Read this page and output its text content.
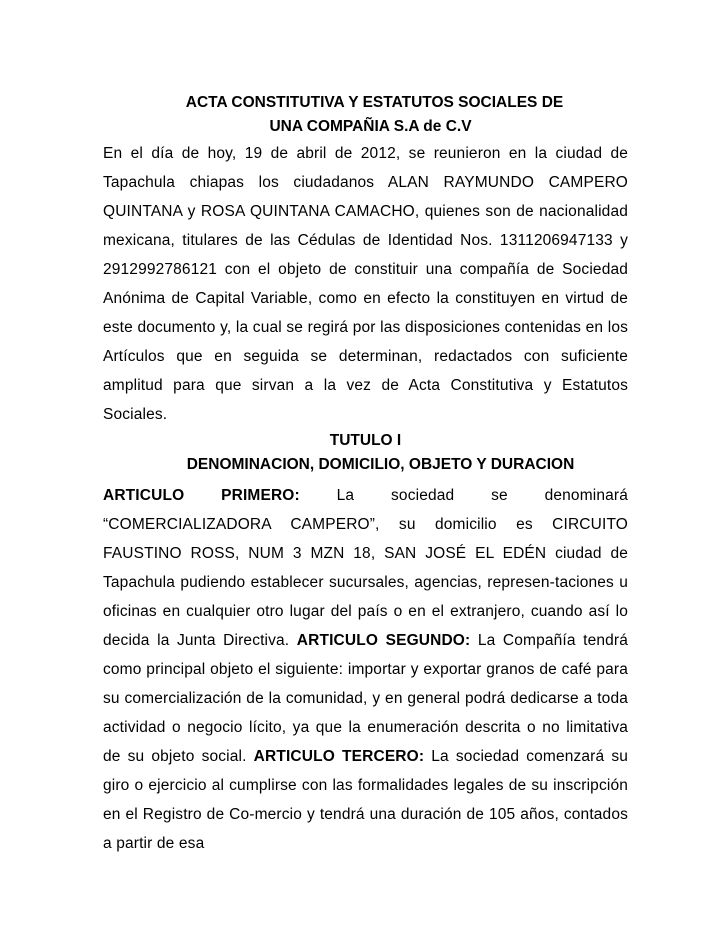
ACTA CONSTITUTIVA Y ESTATUTOS SOCIALES DE

UNA COMPAÑIA S.A de C.V

En el día de hoy, 19 de abril de 2012, se reunieron en la ciudad de Tapachula chiapas los ciudadanos ALAN RAYMUNDO CAMPERO QUINTANA y ROSA QUINTANA CAMACHO, quienes son de nacionalidad mexicana, titulares de las Cédulas de Identidad Nos. 1311206947133 y 2912992786121 con el objeto de constituir una compañía de Sociedad Anónima de Capital Variable, como en efecto la constituyen en virtud de este documento y, la cual se regirá por las disposiciones contenidas en los Artículos que en seguida se determinan, redactados con suficiente amplitud para que sirvan a la vez de Acta Constitutiva y Estatutos Sociales.

TUTULO I

DENOMINACION, DOMICILIO, OBJETO Y DURACION

ARTICULO PRIMERO: La sociedad se denominará “COMERCIALIZADORA CAMPERO”, su domicilio es CIRCUITO FAUSTINO ROSS, NUM 3 MZN 18, SAN JOSÉ EL EDÉN ciudad de Tapachula pudiendo establecer sucursales, agencias, represen-taciones u oficinas en cualquier otro lugar del país o en el extranjero, cuando así lo decida la Junta Directiva. ARTICULO SEGUNDO: La Compañía tendrá como principal objeto el siguiente: importar y exportar granos de café para su comercialización de la comunidad, y en general podrá dedicarse a toda actividad o negocio lícito, ya que la enumeración descrita o no limitativa de su objeto social. ARTICULO TERCERO: La sociedad comenzará su giro o ejercicio al cumplirse con las formalidades legales de su inscripción en el Registro de Co-mercio y tendrá una duración de 105 años, contados a partir de esa
